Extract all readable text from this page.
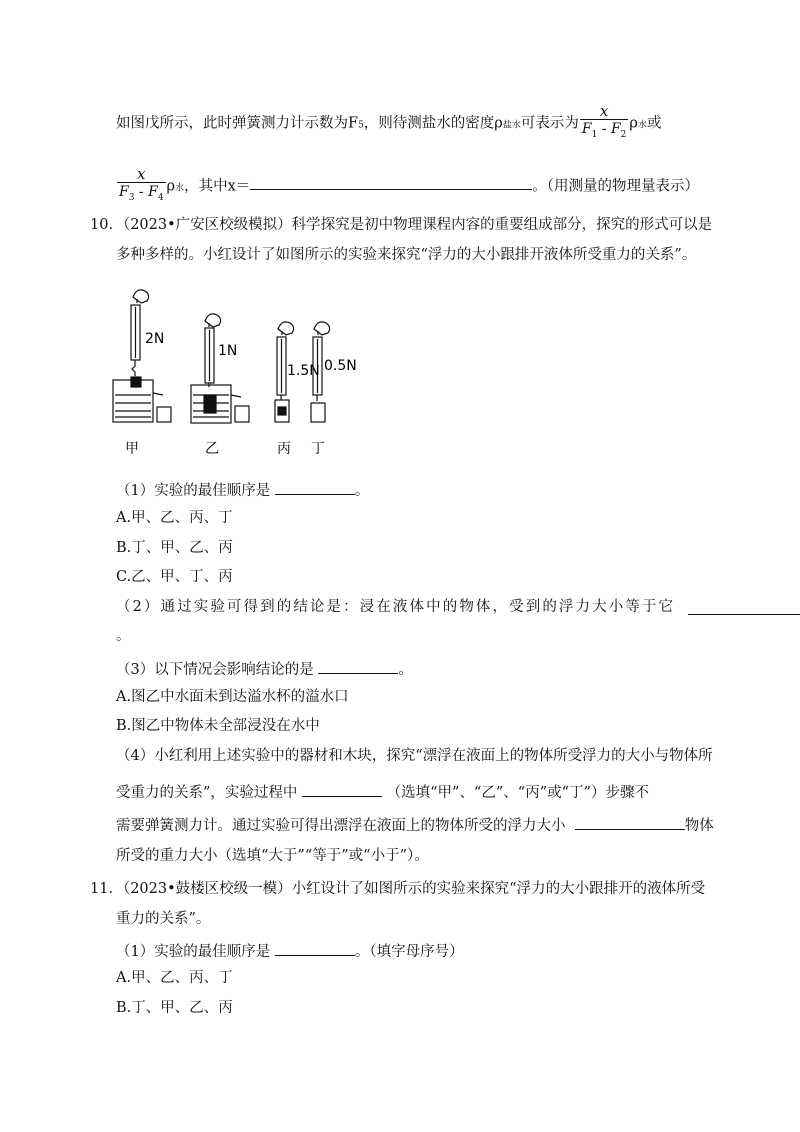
如图戊所示，此时弹簧测力计示数为F5，则待测盐水的密度ρ盐水可表示为 $\frac{x}{F_1 - F_2}$ ρ水或
$\frac{x}{F_3 - F_4}$ ρ水，其中x＝	。（用测量的物理量表示）
10．（2023•广安区校级模拟）科学探究是初中物理课程内容的重要组成部分，探究的形式可以是
多种多样的。小红设计了如图所示的实验来探究“浮力的大小跟排开液体所受重力的关系”。
2N
1N
1.5N 0.5N
甲	乙	丙 丁
（1）实验的最佳顺序是	。
A.甲、乙、丙、丁
B.丁、甲、乙、丙
C.乙、甲、丁、丙
（2）通过实验可得到的结论是：浸在液体中的物体，受到的浮力大小等于它
。
（3）以下情况会影响结论的是	。
A.图乙中水面未到达溢水杯的溢水口
B.图乙中物体未全部浸没在水中
（4）小红利用上述实验中的器材和木块，探究“漂浮在液面上的物体所受浮力的大小与物体所
受重力的关系”，实验过程中	（选填“甲”、“乙”、“丙”或“丁”）步骤不
需要弹簧测力计。通过实验可得出漂浮在液面上的物体所受的浮力大小	物体
所受的重力大小（选填“大于”“等于”或“小于”）。
11．（2023•鼓楼区校级一模）小红设计了如图所示的实验来探究“浮力的大小跟排开的液体所受
重力的关系”。
（1）实验的最佳顺序是	。（填字母序号）
A.甲、乙、丙、丁
B.丁、甲、乙、丙
